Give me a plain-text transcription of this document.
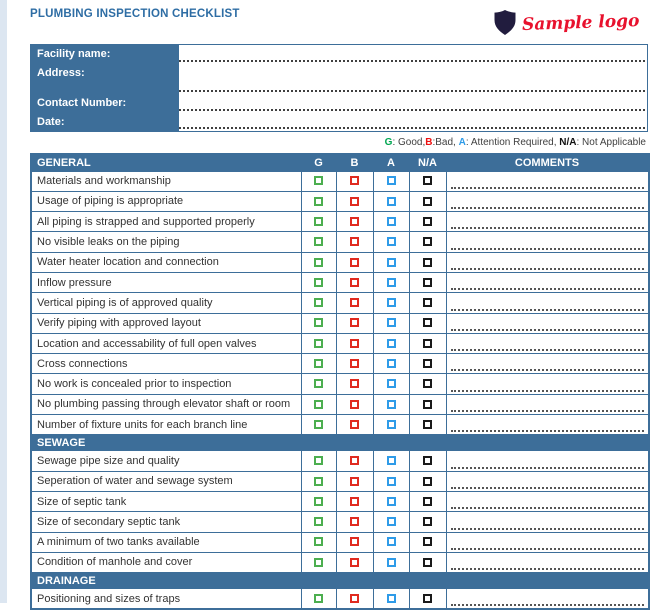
PLUMBING INSPECTION CHECKLIST	Sample logo
Facility name:
Address:
Contact Number:
Date:
G: Good,B:Bad, A: Attention Required, N/A: Not Applicable
GENERAL	G	B	A	N/A	COMMENTS
Materials and workmanship					

Usage of piping is appropriate					

All piping is strapped and supported properly					

No visible leaks on the piping					

Water heater location and connection					

Inflow pressure					

Vertical piping is of approved quality					

Verify piping with approved layout					

Location and accessability of full open valves					

Cross connections					

No work is concealed prior to inspection					

No plumbing passing through elevator shaft or room					

Number of fixture units for each branch line					

SEWAGE					
Sewage pipe size and quality					

Seperation of water and sewage system					

Size of septic tank					

Size of secondary septic tank					

A minimum of two tanks available					

Condition of manhole and cover					

DRAINAGE					
Positioning and sizes of traps					
